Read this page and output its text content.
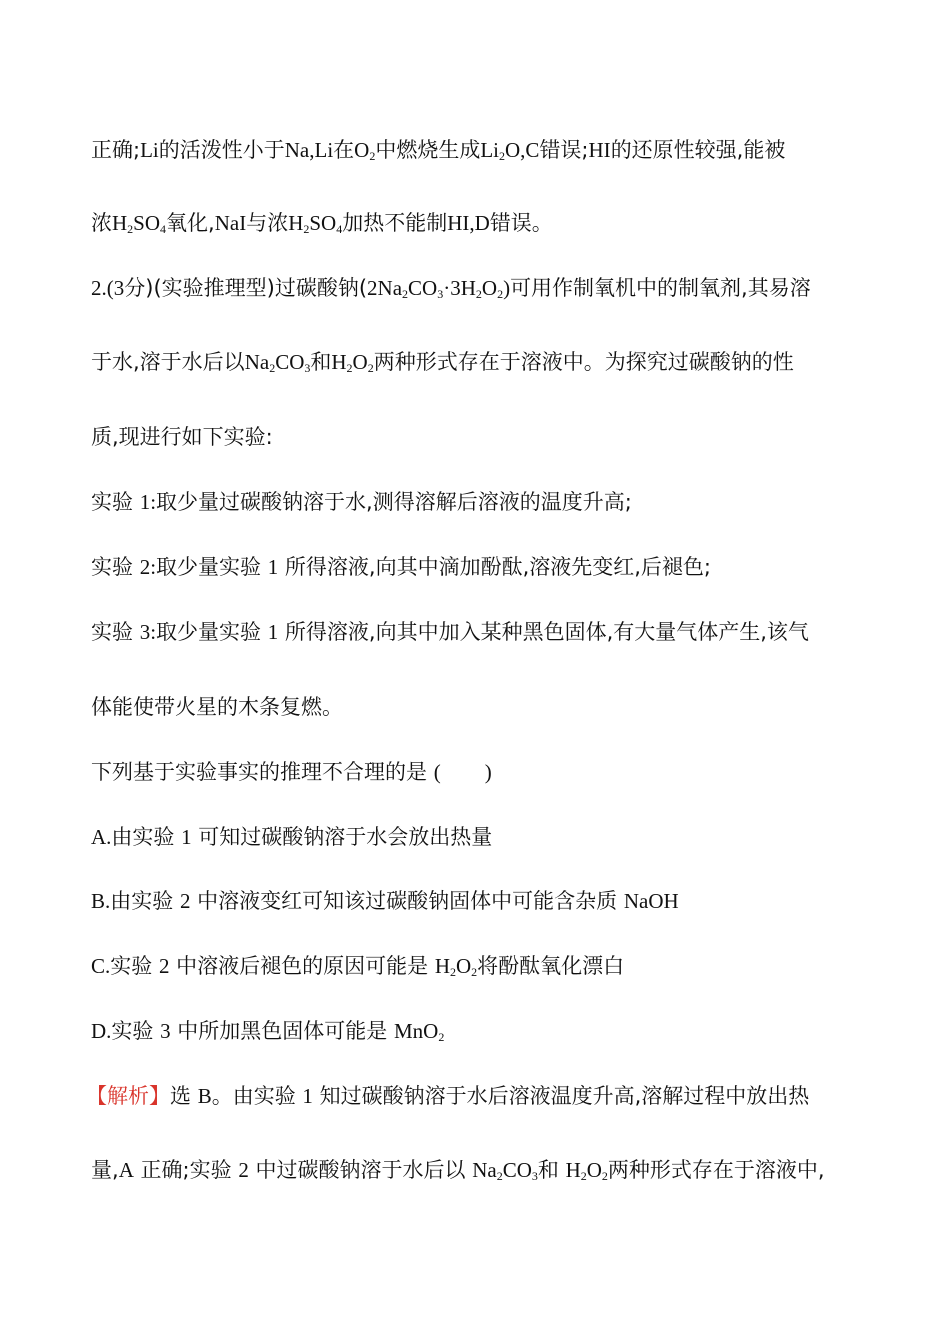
正确;Li的活泼性小于Na,Li在$O_2$中燃烧生成$Li_2O,C$错误;HI的还原性较强,能被
浓$H_2SO_4$氧化,NaI与浓$H_2SO_4$加热不能制HI,D错误。
2.(3分)(实验推理型)过碳酸钠$(2Na_2CO_3\cdot 3H_2O_2)$可用作制氧机中的制氧剂,其易溶
于水,溶于水后以$Na_2CO_3$和$H_2O_2$两种形式存在于溶液中。为探究过碳酸钠的性
质,现进行如下实验:
实验 1:取少量过碳酸钠溶于水,测得溶解后溶液的温度升高;
实验 2:取少量实验 1 所得溶液,向其中滴加酚酞,溶液先变红,后褪色;
实验 3:取少量实验 1 所得溶液,向其中加入某种黑色固体,有大量气体产生,该气
体能使带火星的木条复燃。
下列基于实验事实的推理不合理的是 ( )
A.由实验 1 可知过碳酸钠溶于水会放出热量
B.由实验 2 中溶液变红可知该过碳酸钠固体中可能含杂质 NaOH
C.实验 2 中溶液后褪色的原因可能是 $H_2O_2$将酚酞氧化漂白
D.实验 3 中所加黑色固体可能是 MnO$_2$
【解析】选 B。由实验 1 知过碳酸钠溶于水后溶液温度升高,溶解过程中放出热
量,A 正确;实验 2 中过碳酸钠溶于水后以 $Na_2CO_3$和 $H_2O_2$两种形式存在于溶液中,
